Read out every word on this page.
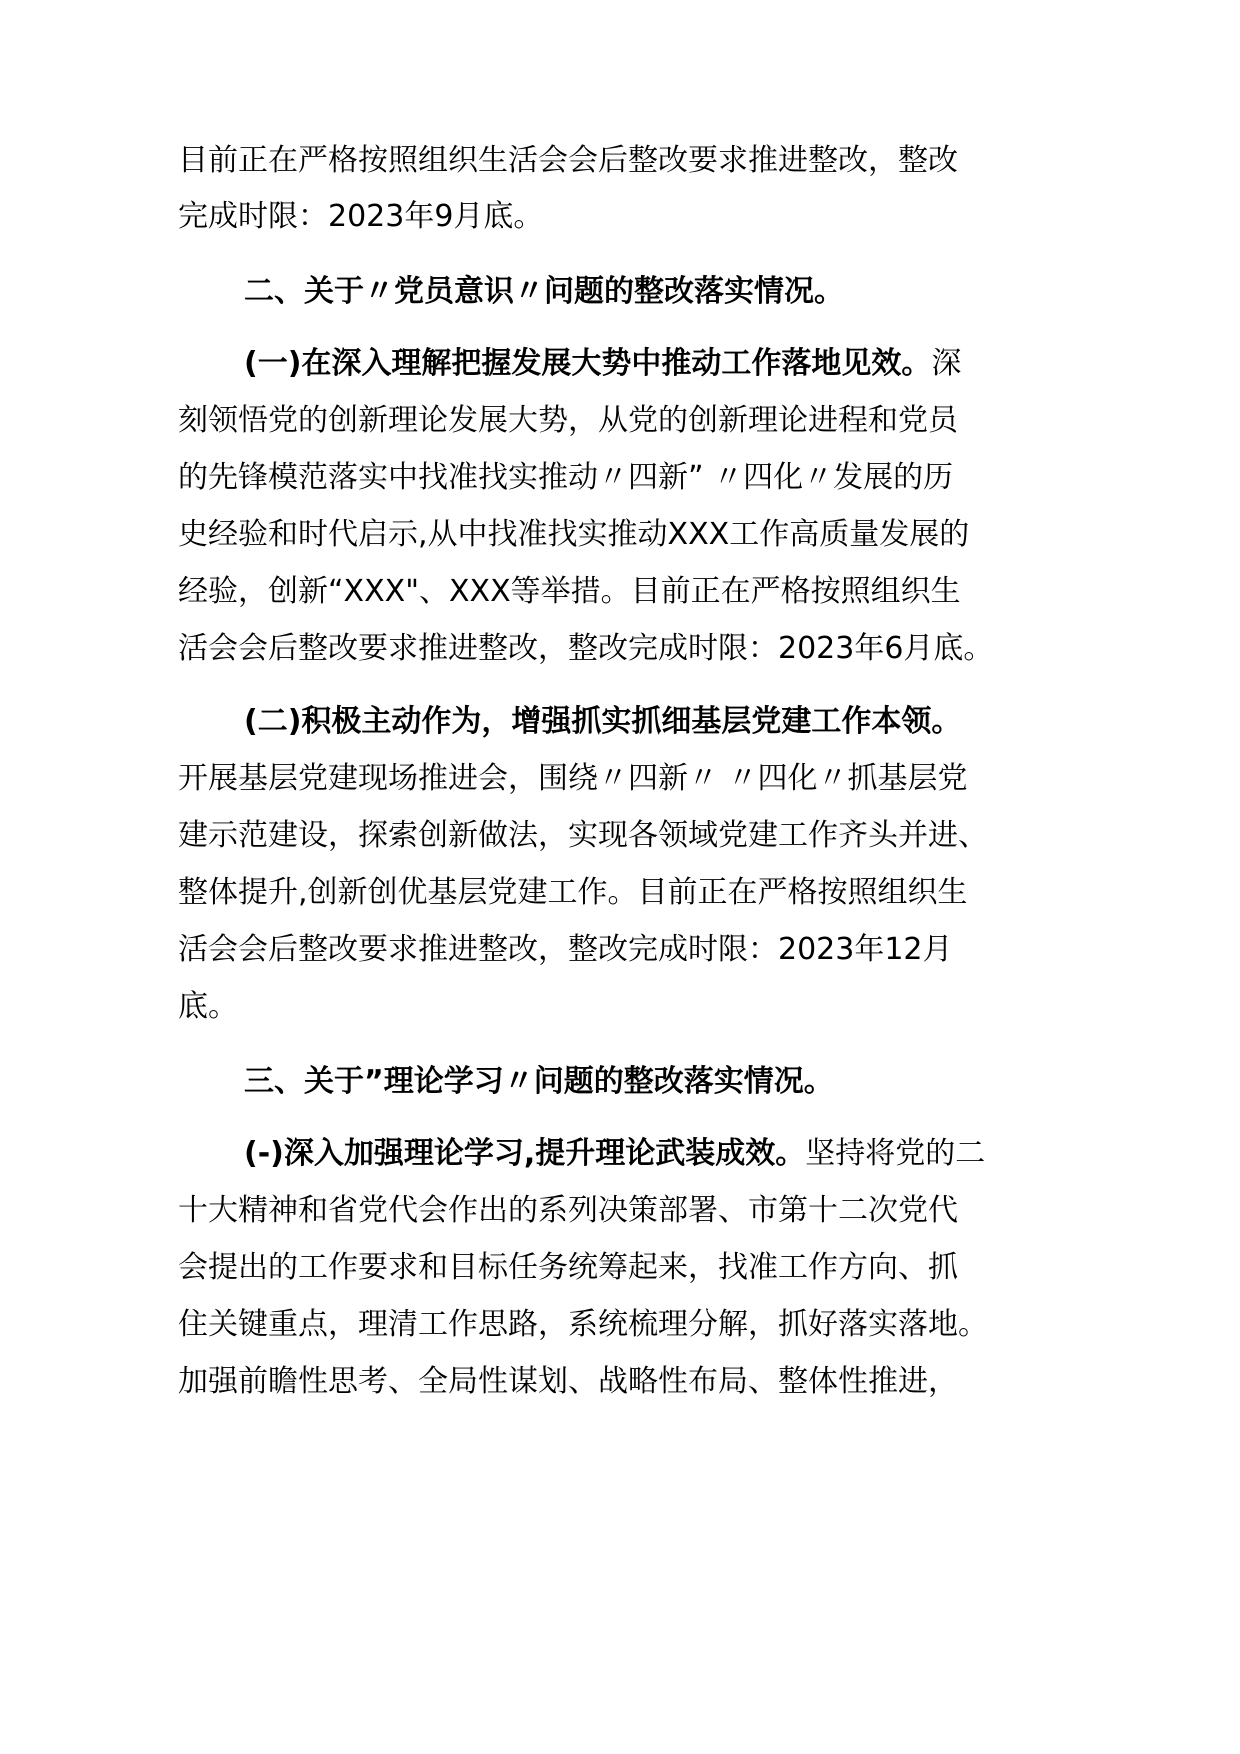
目前正在严格按照组织生活会会后整改要求推进整改，整改

完成时限：2023年9月底。

二、关于〃党员意识〃问题的整改落实情况。

(一)在深入理解把握发展大势中推动工作落地见效。深

刻领悟党的创新理论发展大势，从党的创新理论进程和党员

的先锋模范落实中找准找实推动〃四新” 〃四化〃发展的历

史经验和时代启示,从中找准找实推动XXX工作高质量发展的

经验，创新“XXX"、XXX等举措。目前正在严格按照组织生

活会会后整改要求推进整改，整改完成时限：2023年6月底。

(二)积极主动作为，增强抓实抓细基层党建工作本领。

开展基层党建现场推进会，围绕〃四新〃 〃四化〃抓基层党

建示范建设，探索创新做法，实现各领域党建工作齐头并进、

整体提升,创新创优基层党建工作。目前正在严格按照组织生

活会会后整改要求推进整改，整改完成时限：2023年12月

底。

三、关于”理论学习〃问题的整改落实情况。

(-)深入加强理论学习,提升理论武装成效。坚持将党的二

十大精神和省党代会作出的系列决策部署、市第十二次党代

会提出的工作要求和目标任务统筹起来，找准工作方向、抓

住关键重点，理清工作思路，系统梳理分解，抓好落实落地。

加强前瞻性思考、全局性谋划、战略性布局、整体性推进，
